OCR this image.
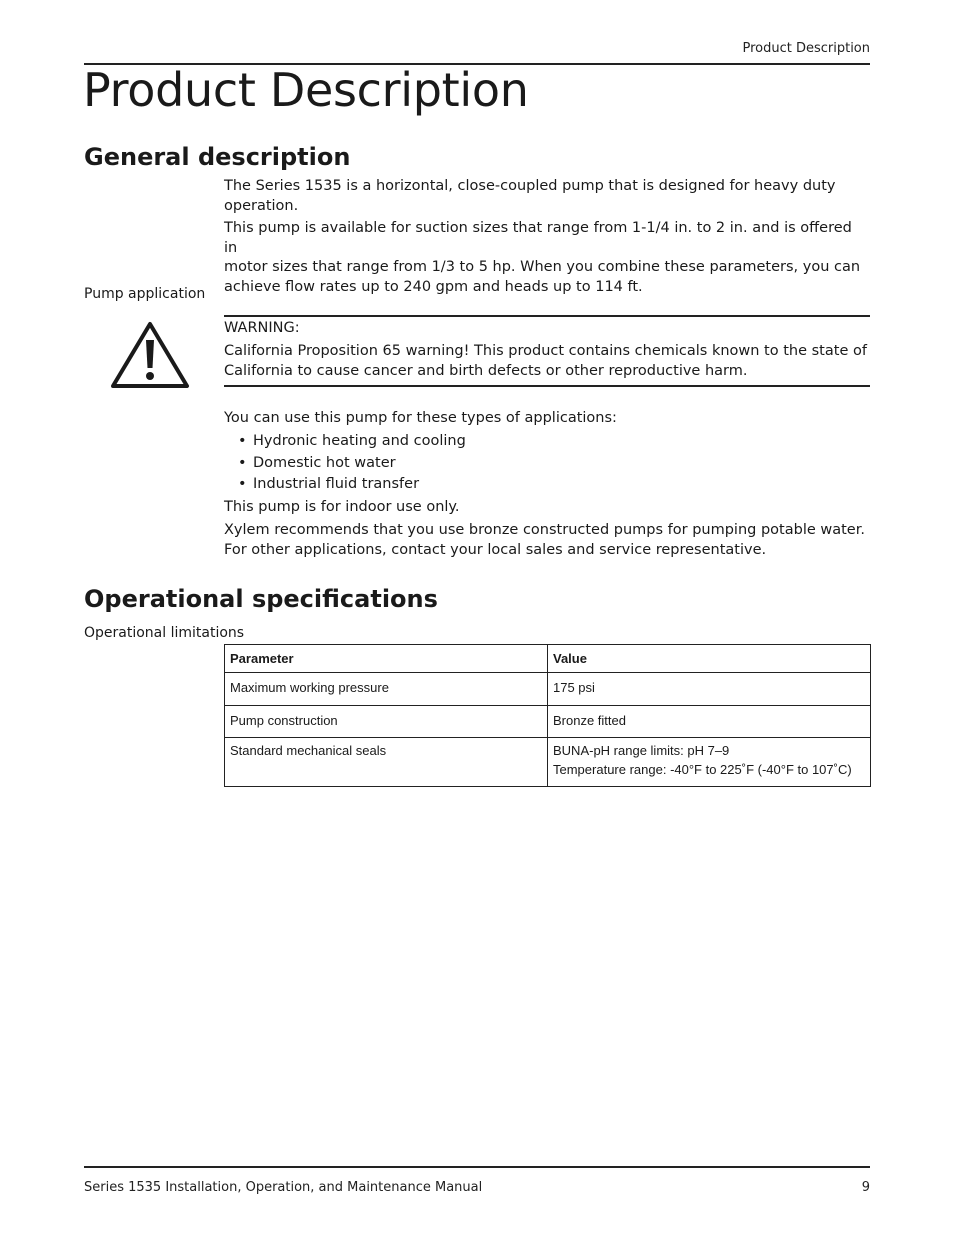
Product Description
Product Description
General description
The Series 1535 is a horizontal, close-coupled pump that is designed for heavy duty
operation.
This pump is available for suction sizes that range from 1-1/4 in. to 2 in. and is offered in
motor sizes that range from 1/3 to 5 hp. When you combine these parameters, you can
achieve flow rates up to 240 gpm and heads up to 114 ft.
Pump application
WARNING:
California Proposition 65 warning! This product contains chemicals known to the state of
California to cause cancer and birth defects or other reproductive harm.
You can use this pump for these types of applications:
• Hydronic heating and cooling
• Domestic hot water
• Industrial fluid transfer
This pump is for indoor use only.
Xylem recommends that you use bronze constructed pumps for pumping potable water.
For other applications, contact your local sales and service representative.
Operational specifications
Operational limitations
Parameter	Value
Maximum working pressure	175 psi
Pump construction	Bronze fitted
Standard mechanical seals	BUNA-pH range limits: pH 7–9
Temperature range: -40°F to 225˚F (-40°F to 107˚C)
Series 1535 Installation, Operation, and Maintenance Manual	9
